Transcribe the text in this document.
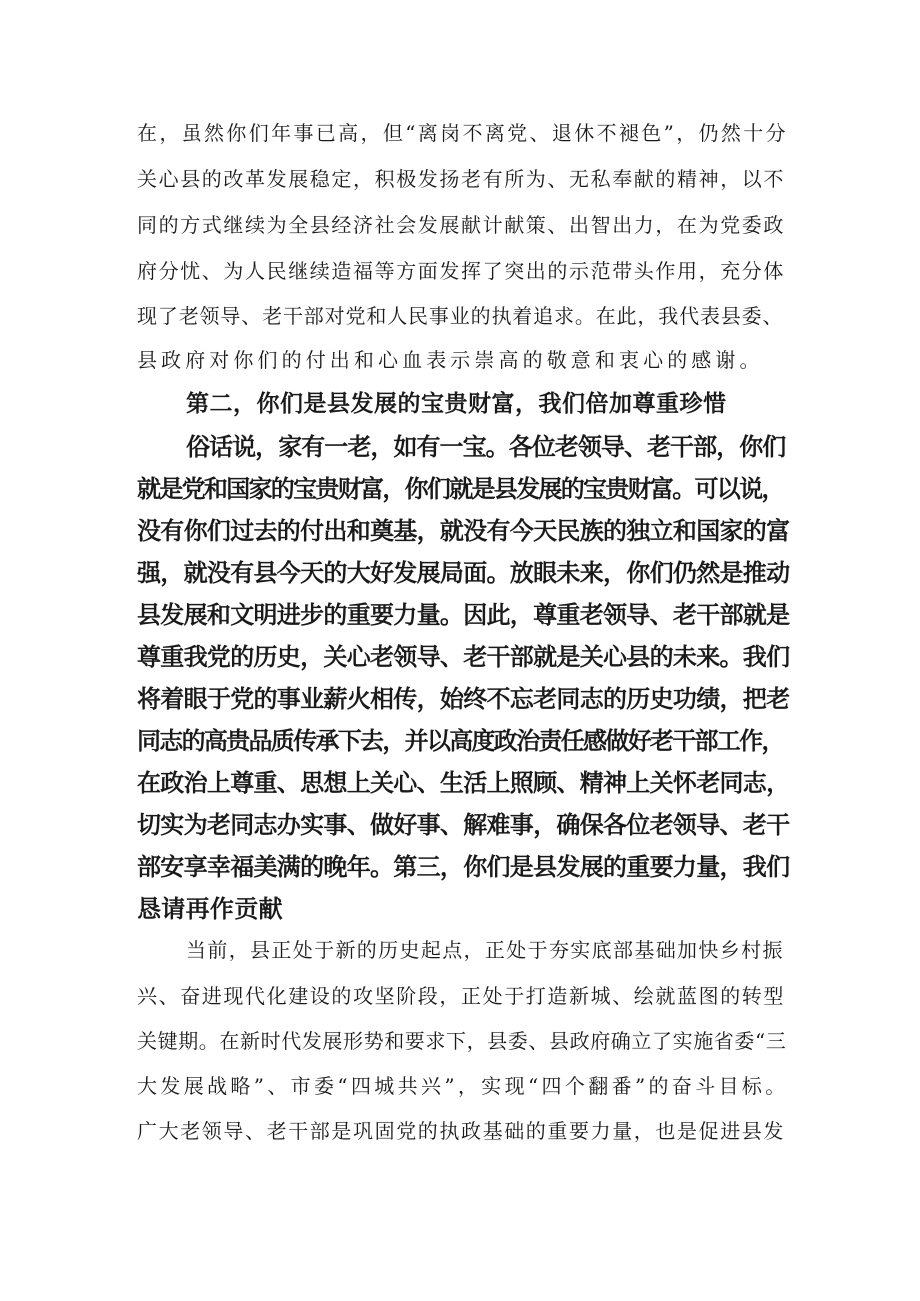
在，虽然你们年事已高，但“离岗不离党、退休不褪色”，仍然十分
关心县的改革发展稳定，积极发扬老有所为、无私奉献的精神，以不
同的方式继续为全县经济社会发展献计献策、出智出力，在为党委政
府分忧、为人民继续造福等方面发挥了突出的示范带头作用，充分体
现了老领导、老干部对党和人民事业的执着追求。在此，我代表县委、
县政府对你们的付出和心血表示崇高的敬意和衷心的感谢。
第二，你们是县发展的宝贵财富，我们倍加尊重珍惜
俗话说，家有一老，如有一宝。各位老领导、老干部，你们
就是党和国家的宝贵财富，你们就是县发展的宝贵财富。可以说，
没有你们过去的付出和奠基，就没有今天民族的独立和国家的富
强，就没有县今天的大好发展局面。放眼未来，你们仍然是推动
县发展和文明进步的重要力量。因此，尊重老领导、老干部就是
尊重我党的历史，关心老领导、老干部就是关心县的未来。我们
将着眼于党的事业薪火相传，始终不忘老同志的历史功绩，把老
同志的高贵品质传承下去，并以高度政治责任感做好老干部工作，
在政治上尊重、思想上关心、生活上照顾、精神上关怀老同志，
切实为老同志办实事、做好事、解难事，确保各位老领导、老干
部安享幸福美满的晚年。第三，你们是县发展的重要力量，我们
恳请再作贡献
当前，县正处于新的历史起点，正处于夯实底部基础加快乡村振
兴、奋进现代化建设的攻坚阶段，正处于打造新城、绘就蓝图的转型
关键期。在新时代发展形势和要求下，县委、县政府确立了实施省委“三
大发展战略”、市委“四城共兴”，实现“四个翻番”的奋斗目标。
广大老领导、老干部是巩固党的执政基础的重要力量，也是促进县发
